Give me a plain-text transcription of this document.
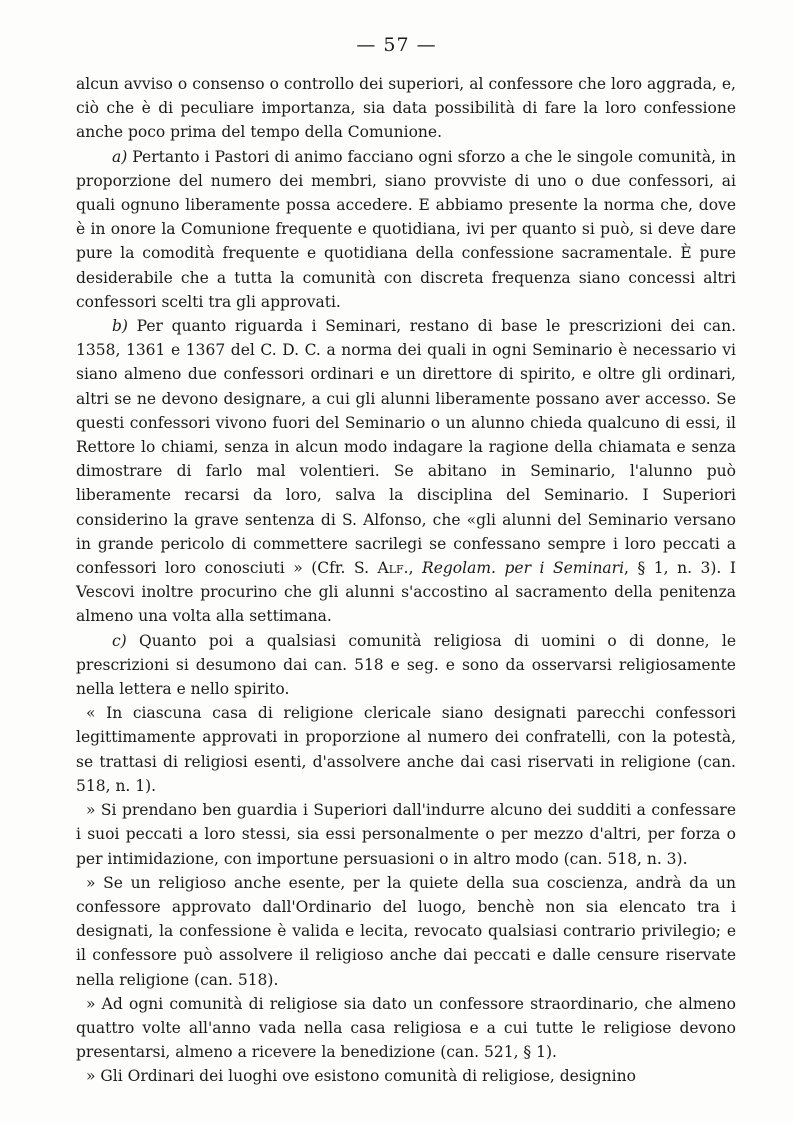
— 57 —

alcun avviso o consenso o controllo dei superiori, al confessore che loro aggrada, e, ciò che è di peculiare importanza, sia data possibilità di fare la loro confessione anche poco prima del tempo della Comunione.

a) Pertanto i Pastori di animo facciano ogni sforzo a che le singole comunità, in proporzione del numero dei membri, siano provviste di uno o due confessori, ai quali ognuno liberamente possa accedere. E abbiamo presente la norma che, dove è in onore la Comunione frequente e quotidiana, ivi per quanto si può, si deve dare pure la comodità frequente e quotidiana della confessione sacramentale. È pure desiderabile che a tutta la comunità con discreta frequenza siano concessi altri confessori scelti tra gli approvati.

b) Per quanto riguarda i Seminari, restano di base le prescrizioni dei can. 1358, 1361 e 1367 del C. D. C. a norma dei quali in ogni Seminario è necessario vi siano almeno due confessori ordinari e un direttore di spirito, e oltre gli ordinari, altri se ne devono designare, a cui gli alunni liberamente possano aver accesso. Se questi confessori vivono fuori del Seminario o un alunno chieda qualcuno di essi, il Rettore lo chiami, senza in alcun modo indagare la ragione della chiamata e senza dimostrare di farlo mal volentieri. Se abitano in Seminario, l'alunno può liberamente recarsi da loro, salva la disciplina del Seminario. I Superiori considerino la grave sentenza di S. Alfonso, che «gli alunni del Seminario versano in grande pericolo di commettere sacrilegi se confessano sempre i loro peccati a confessori loro conosciuti » (Cfr. S. Alf., Regolam. per i Seminari, § 1, n. 3). I Vescovi inoltre procurino che gli alunni s'accostino al sacramento della penitenza almeno una volta alla settimana.

c) Quanto poi a qualsiasi comunità religiosa di uomini o di donne, le prescrizioni si desumono dai can. 518 e seg. e sono da osservarsi religiosamente nella lettera e nello spirito.

« In ciascuna casa di religione clericale siano designati parecchi confessori legittimamente approvati in proporzione al numero dei confratelli, con la potestà, se trattasi di religiosi esenti, d'assolvere anche dai casi riservati in religione (can. 518, n. 1).

» Si prendano ben guardia i Superiori dall'indurre alcuno dei sudditi a confessare i suoi peccati a loro stessi, sia essi personalmente o per mezzo d'altri, per forza o per intimidazione, con importune persuasioni o in altro modo (can. 518, n. 3).

» Se un religioso anche esente, per la quiete della sua coscienza, andrà da un confessore approvato dall'Ordinario del luogo, benchè non sia elencato tra i designati, la confessione è valida e lecita, revocato qualsiasi contrario privilegio; e il confessore può assolvere il religioso anche dai peccati e dalle censure riservate nella religione (can. 518).

» Ad ogni comunità di religiose sia dato un confessore straordinario, che almeno quattro volte all'anno vada nella casa religiosa e a cui tutte le religiose devono presentarsi, almeno a ricevere la benedizione (can. 521, § 1).

» Gli Ordinari dei luoghi ove esistono comunità di religiose, designino
